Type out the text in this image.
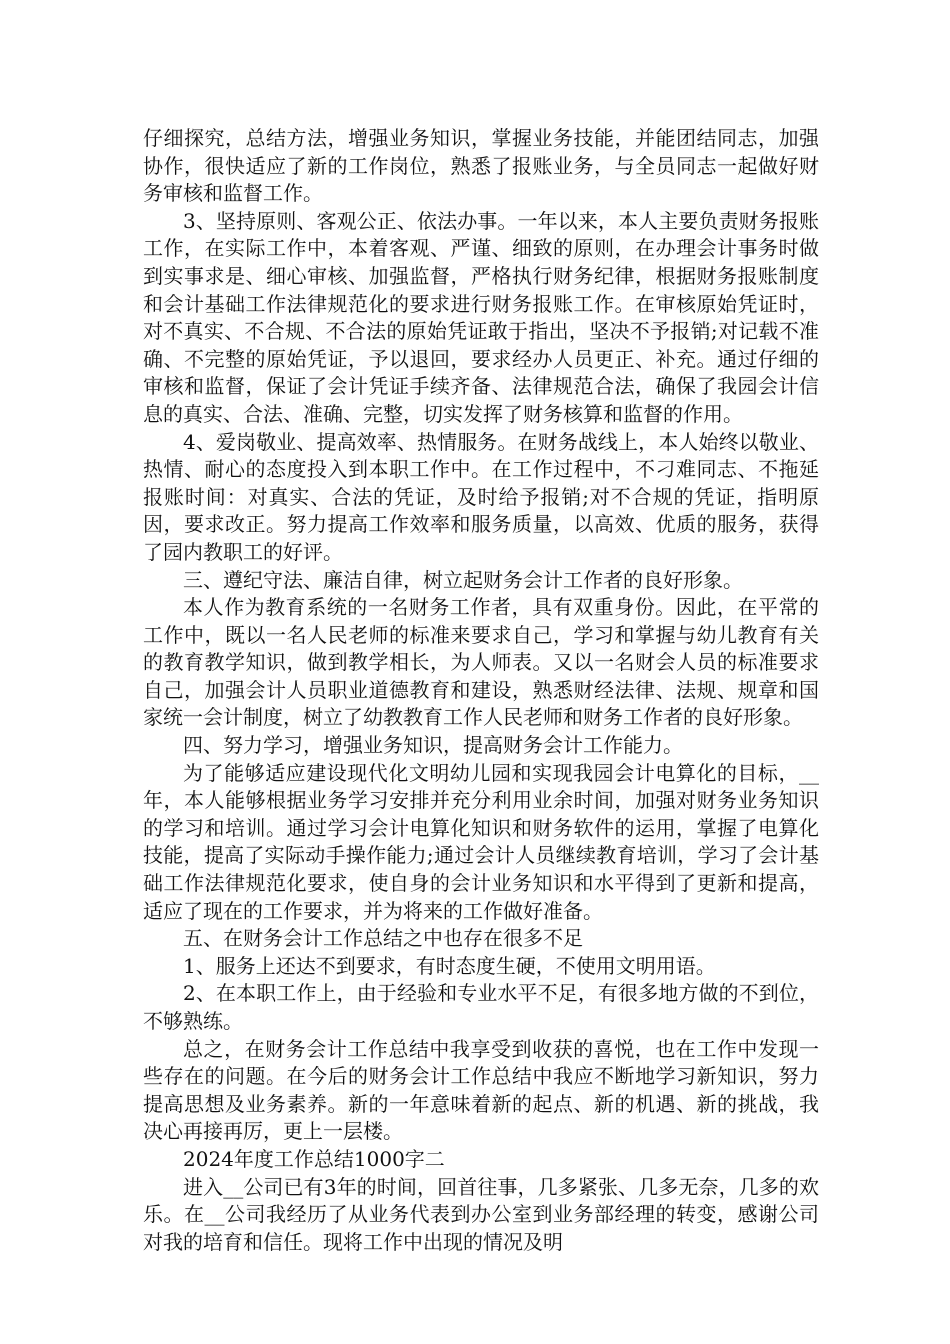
仔细探究，总结方法，增强业务知识，掌握业务技能，并能团结同志，加强协作，很快适应了新的工作岗位，熟悉了报账业务，与全员同志一起做好财务审核和监督工作。

3、坚持原则、客观公正、依法办事。一年以来，本人主要负责财务报账工作，在实际工作中，本着客观、严谨、细致的原则，在办理会计事务时做到实事求是、细心审核、加强监督，严格执行财务纪律，根据财务报账制度和会计基础工作法律规范化的要求进行财务报账工作。在审核原始凭证时，对不真实、不合规、不合法的原始凭证敢于指出，坚决不予报销;对记载不准确、不完整的原始凭证，予以退回，要求经办人员更正、补充。通过仔细的审核和监督，保证了会计凭证手续齐备、法律规范合法，确保了我园会计信息的真实、合法、准确、完整，切实发挥了财务核算和监督的作用。

4、爱岗敬业、提高效率、热情服务。在财务战线上，本人始终以敬业、热情、耐心的态度投入到本职工作中。在工作过程中，不刁难同志、不拖延报账时间：对真实、合法的凭证，及时给予报销;对不合规的凭证，指明原因，要求改正。努力提高工作效率和服务质量，以高效、优质的服务，获得了园内教职工的好评。

三、遵纪守法、廉洁自律，树立起财务会计工作者的良好形象。

本人作为教育系统的一名财务工作者，具有双重身份。因此，在平常的工作中，既以一名人民老师的标准来要求自己，学习和掌握与幼儿教育有关的教育教学知识，做到教学相长，为人师表。又以一名财会人员的标准要求自己，加强会计人员职业道德教育和建设，熟悉财经法律、法规、规章和国家统一会计制度，树立了幼教教育工作人民老师和财务工作者的良好形象。

四、努力学习，增强业务知识，提高财务会计工作能力。

为了能够适应建设现代化文明幼儿园和实现我园会计电算化的目标，__年，本人能够根据业务学习安排并充分利用业余时间，加强对财务业务知识的学习和培训。通过学习会计电算化知识和财务软件的运用，掌握了电算化技能，提高了实际动手操作能力;通过会计人员继续教育培训，学习了会计基础工作法律规范化要求，使自身的会计业务知识和水平得到了更新和提高，适应了现在的工作要求，并为将来的工作做好准备。

五、在财务会计工作总结之中也存在很多不足

1、服务上还达不到要求，有时态度生硬，不使用文明用语。

2、在本职工作上，由于经验和专业水平不足，有很多地方做的不到位，不够熟练。

总之，在财务会计工作总结中我享受到收获的喜悦，也在工作中发现一些存在的问题。在今后的财务会计工作总结中我应不断地学习新知识，努力提高思想及业务素养。新的一年意味着新的起点、新的机遇、新的挑战，我决心再接再厉，更上一层楼。

2024年度工作总结1000字二

进入__公司已有3年的时间，回首往事，几多紧张、几多无奈，几多的欢乐。在__公司我经历了从业务代表到办公室到业务部经理的转变，感谢公司对我的培育和信任。现将工作中出现的情况及明
